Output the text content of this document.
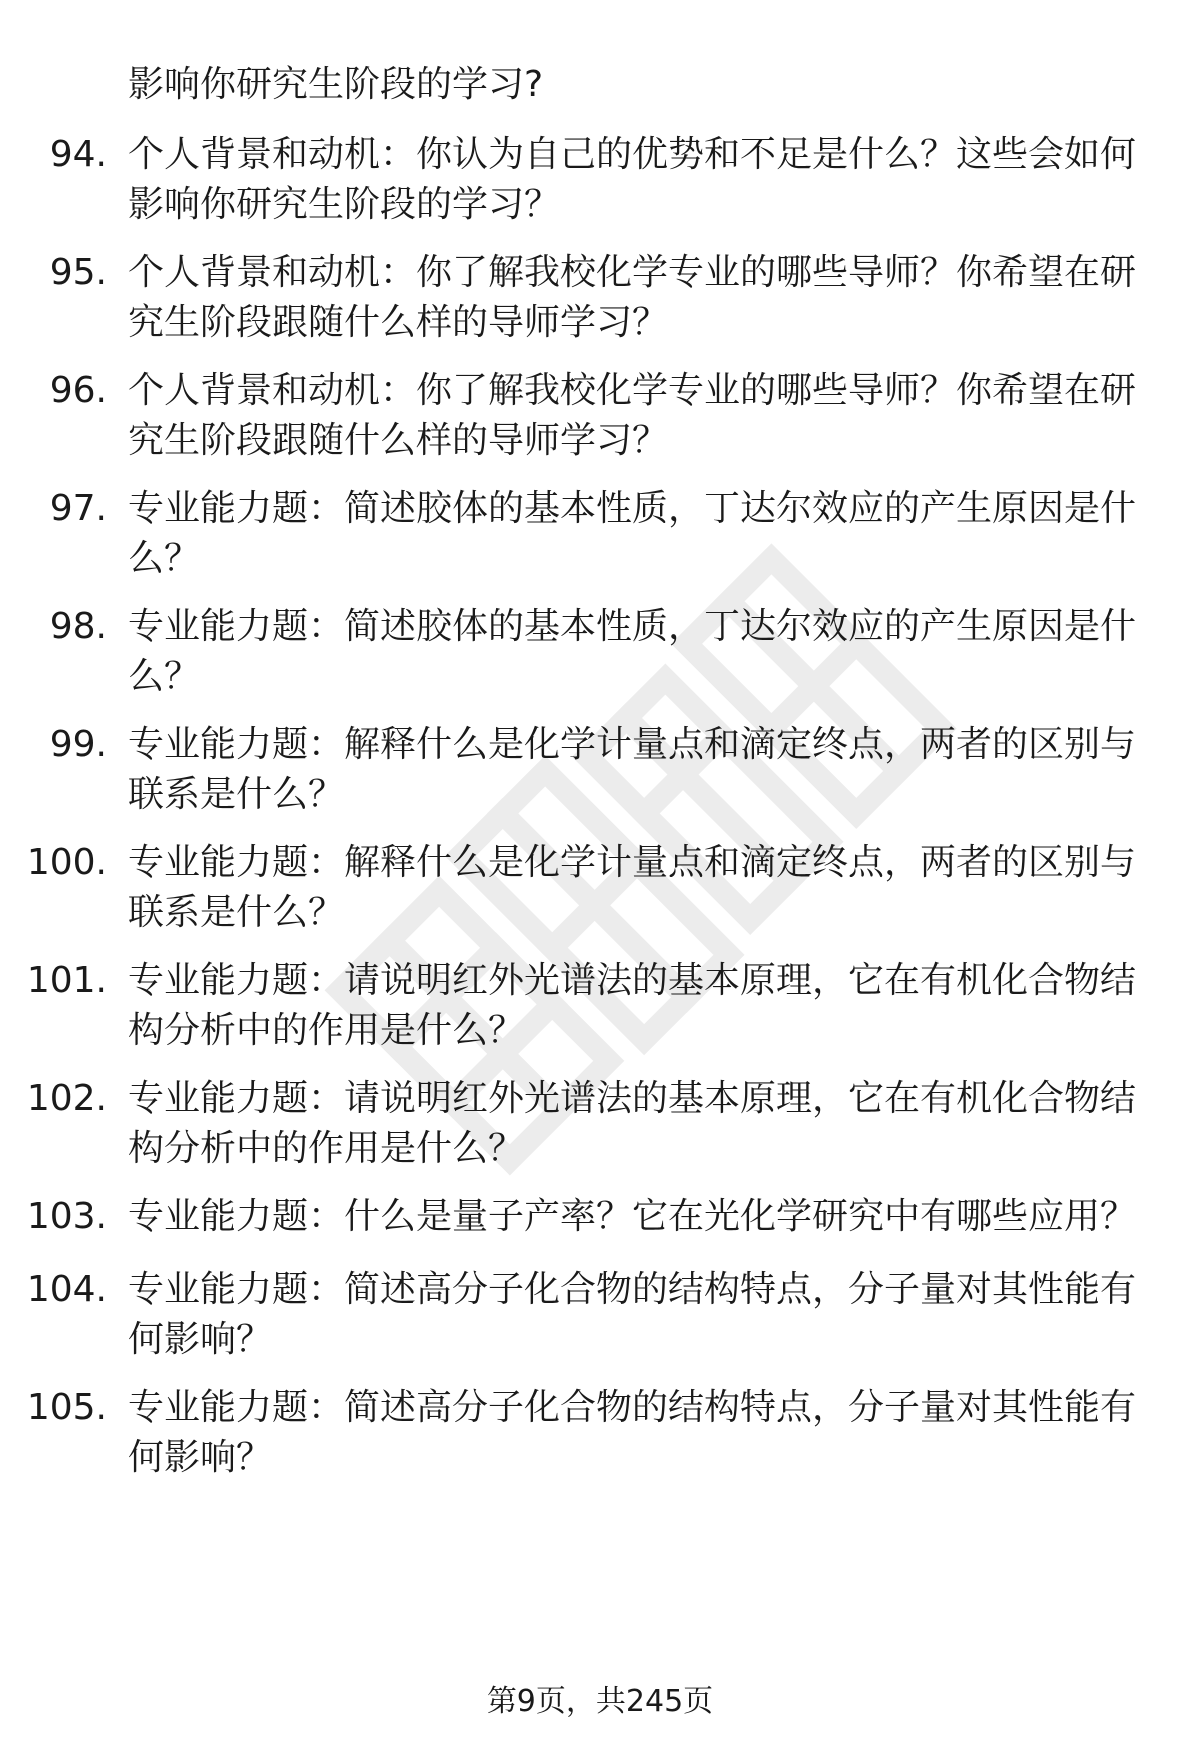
影响你研究生阶段的学习?
94. 个人背景和动机：你认为自己的优势和不足是什么？这些会如何
影响你研究生阶段的学习？
95. 个人背景和动机：你了解我校化学专业的哪些导师？你希望在研
究生阶段跟随什么样的导师学习？
96. 个人背景和动机：你了解我校化学专业的哪些导师？你希望在研
究生阶段跟随什么样的导师学习？
97. 专业能力题：简述胶体的基本性质，丁达尔效应的产生原因是什
么？
98. 专业能力题：简述胶体的基本性质，丁达尔效应的产生原因是什
么？
99. 专业能力题：解释什么是化学计量点和滴定终点，两者的区别与
联系是什么？
100. 专业能力题：解释什么是化学计量点和滴定终点，两者的区别与
联系是什么？
101. 专业能力题：请说明红外光谱法的基本原理，它在有机化合物结
构分析中的作用是什么？
102. 专业能力题：请说明红外光谱法的基本原理，它在有机化合物结
构分析中的作用是什么？
103. 专业能力题：什么是量子产率？它在光化学研究中有哪些应用？
104. 专业能力题：简述高分子化合物的结构特点，分子量对其性能有
何影响？
105. 专业能力题：简述高分子化合物的结构特点，分子量对其性能有
何影响？
第9页，共245页
